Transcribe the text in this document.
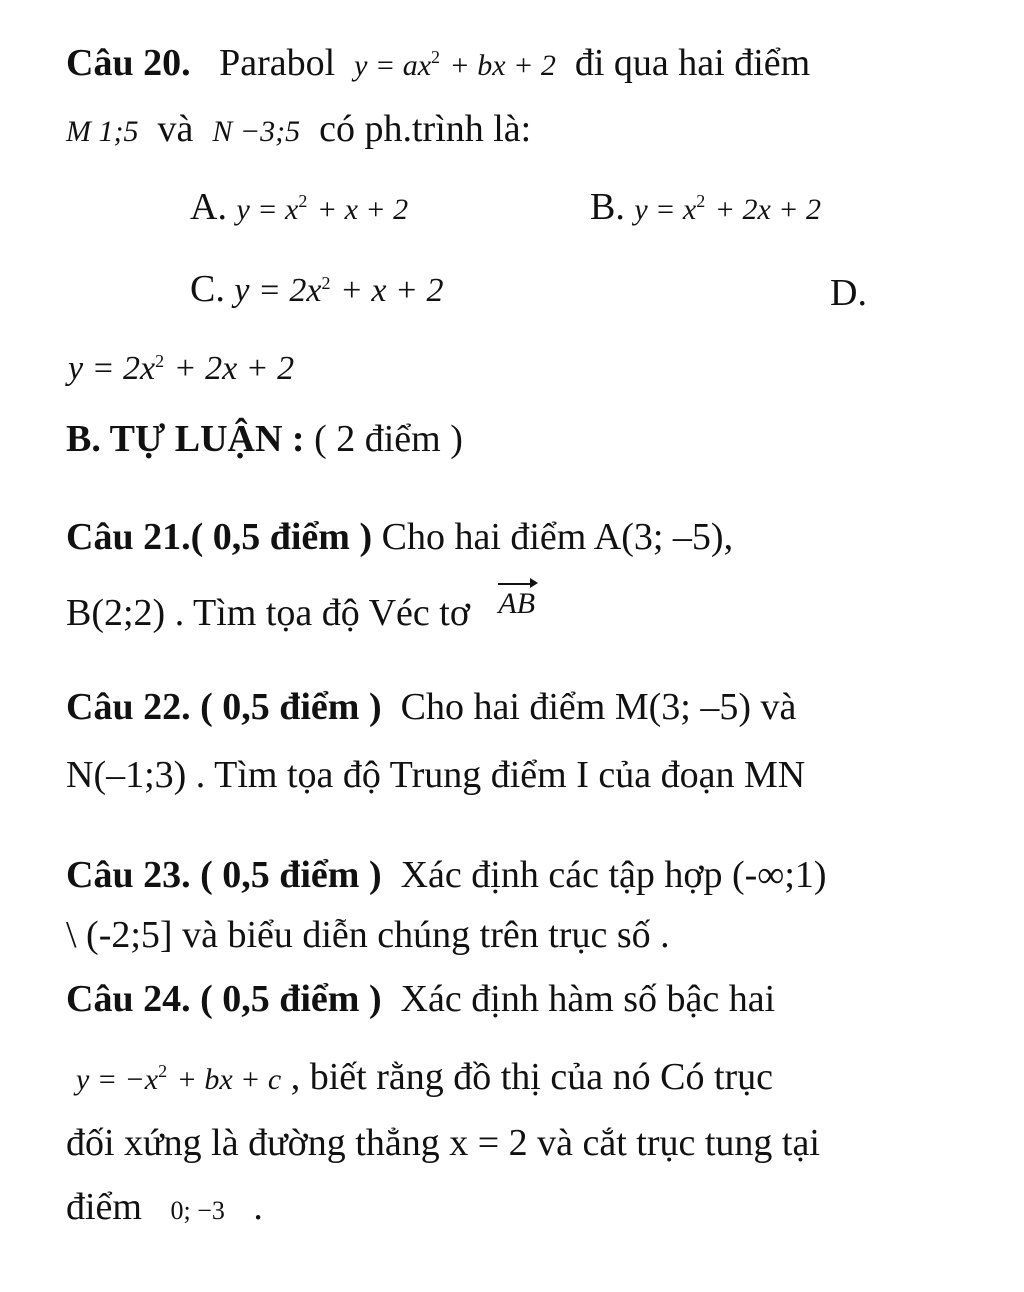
Câu 20. Parabol $y = ax^2$ + bx + 2 đi qua hai điểm
M 1;5 và N −3;5 có ph.trình là:
A. $y = x^2 + x + 2$	B. $y = x^2 + 2x + 2$
C. $y = 2x^2 + x + 2$	D.
$y = 2x^2 + 2x + 2$
B. TỰ LUẬN : ( 2 điểm )
Câu 21.( 0,5 điểm ) Cho hai điểm A(3; –5),
B(2;2) . Tìm tọa độ Véc tơ AB
Câu 22. ( 0,5 điểm ) Cho hai điểm M(3; –5) và
N(–1;3) . Tìm tọa độ Trung điểm I của đoạn MN
Câu 23. ( 0,5 điểm ) Xác định các tập hợp (-∞;1)
\ (-2;5] và biểu diễn chúng trên trục số .
Câu 24. ( 0,5 điểm ) Xác định hàm số bậc hai
$y = -x^2$ + bx + c , biết rằng đồ thị của nó Có trục
đối xứng là đường thẳng x = 2 và cắt trục tung tại
điểm 0; −3 .
